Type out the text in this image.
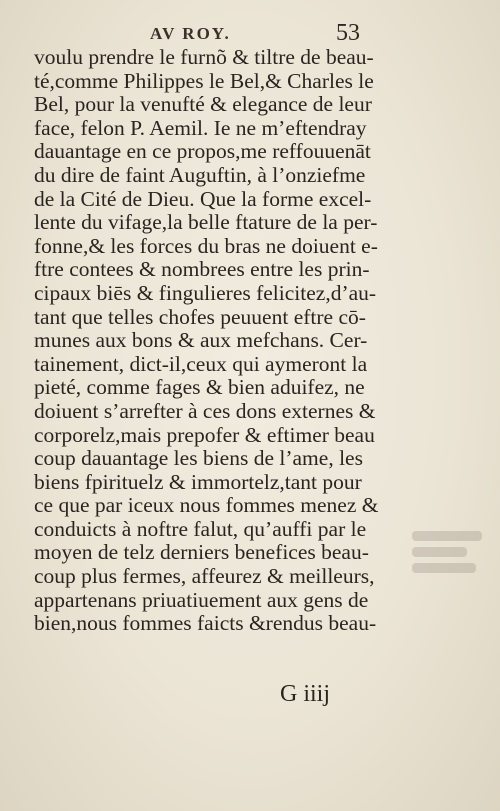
AV ROY.	53
voulu prendre le furnõ & tiltre de beau-
té,comme Philippes le Bel,& Charles le
Bel, pour la venufté & elegance de leur
face, felon P. Aemil. Ie ne m’eftendray
dauantage en ce propos,me reffouuenāt
du dire de faint Auguftin, à l’onziefme
de la Cité de Dieu. Que la forme excel-
lente du vifage,la belle ftature de la per-
fonne,& les forces du bras ne doiuent e-
ftre contees & nombrees entre les prin-
cipaux biēs & fingulieres felicitez,d’au-
tant que telles chofes peuuent eftre cō-
munes aux bons & aux mefchans. Cer-
tainement, dict-il,ceux qui aymeront la
pieté, comme fages & bien aduifez, ne
doiuent s’arrefter à ces dons externes &
corporelz,mais prepofer & eftimer beau
coup dauantage les biens de l’ame, les
biens fpirituelz & immortelz,tant pour
ce que par iceux nous fommes menez &
conduicts à noftre falut, qu’auffi par le
moyen de telz derniers benefices beau-
coup plus fermes, affeurez & meilleurs,
appartenans priuatiuement aux gens de
bien,nous fommes faicts &rendus beau-
G iiij
